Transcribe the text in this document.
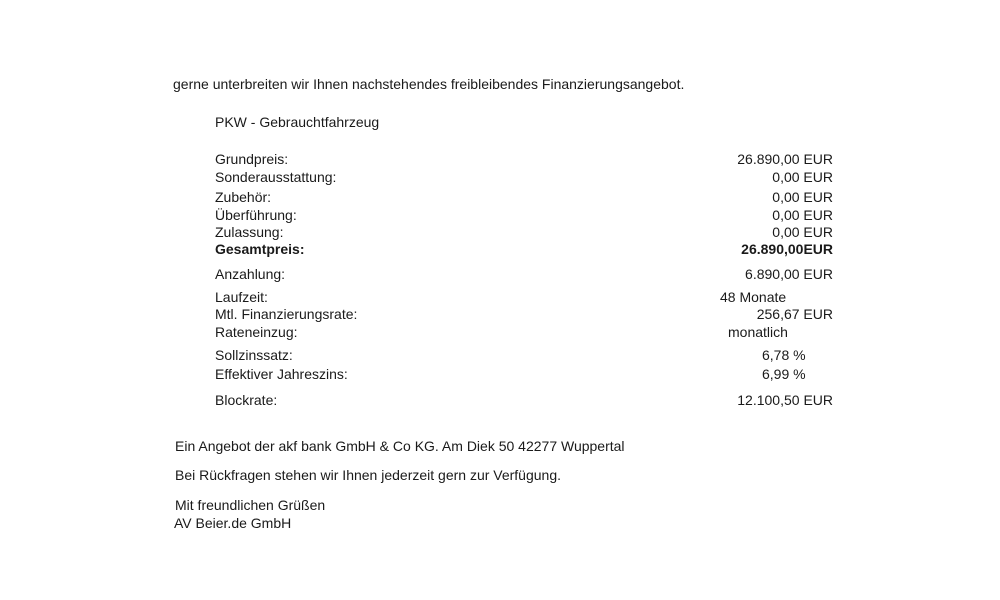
gerne unterbreiten wir Ihnen nachstehendes freibleibendes Finanzierungsangebot.
PKW - Gebrauchtfahrzeug
Grundpreis:
Sonderausstattung:
Zubehör:
Überführung:
Zulassung:
Gesamtpreis:
Anzahlung:
Laufzeit:
Mtl. Finanzierungsrate:
Rateneinzug:
Sollzinssatz:
Effektiver Jahreszins:
Blockrate:
26.890,00 EUR
0,00 EUR
0,00 EUR
0,00 EUR
0,00 EUR
26.890,00EUR
6.890,00 EUR
256,67 EUR
12.100,50 EUR
48 Monate
monatlich
6,78 %
6,99 %
Ein Angebot der akf bank GmbH & Co KG. Am Diek 50 42277 Wuppertal
Bei Rückfragen stehen wir Ihnen jederzeit gern zur Verfügung.
Mit freundlichen Grüßen
AV Beier.de GmbH
